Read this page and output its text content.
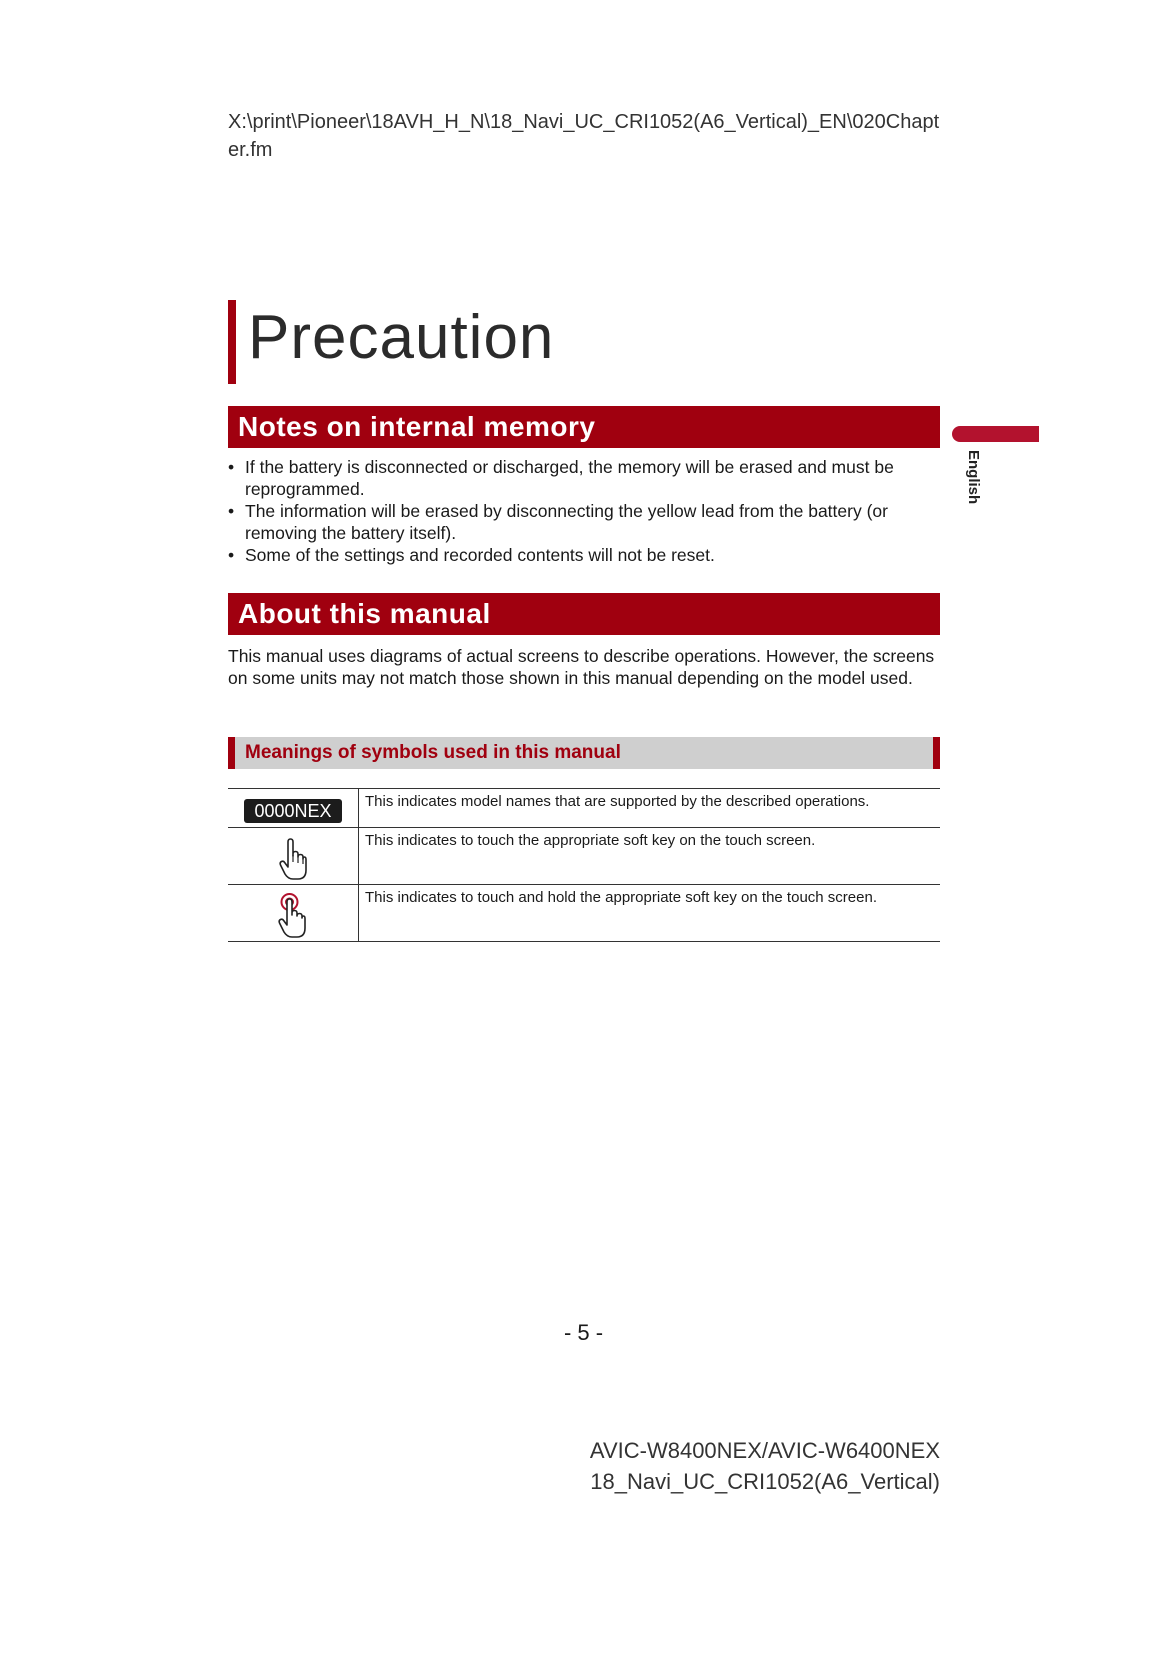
X:\print\Pioneer\18AVH_H_N\18_Navi_UC_CRI1052(A6_Vertical)_EN\020Chapter.fm
Precaution
English
Notes on internal memory
• If the battery is disconnected or discharged, the memory will be erased and must be reprogrammed.
• The information will be erased by disconnecting the yellow lead from the battery (or removing the battery itself).
• Some of the settings and recorded contents will not be reset.
About this manual
This manual uses diagrams of actual screens to describe operations. However, the screens on some units may not match those shown in this manual depending on the model used.
Meanings of symbols used in this manual
0000NEX	This indicates model names that are supported by the described operations.

	This indicates to touch the appropriate soft key on the touch screen.

	This indicates to touch and hold the appropriate soft key on the touch screen.
- 5 -
AVIC-W8400NEX/AVIC-W6400NEX
18_Navi_UC_CRI1052(A6_Vertical)
